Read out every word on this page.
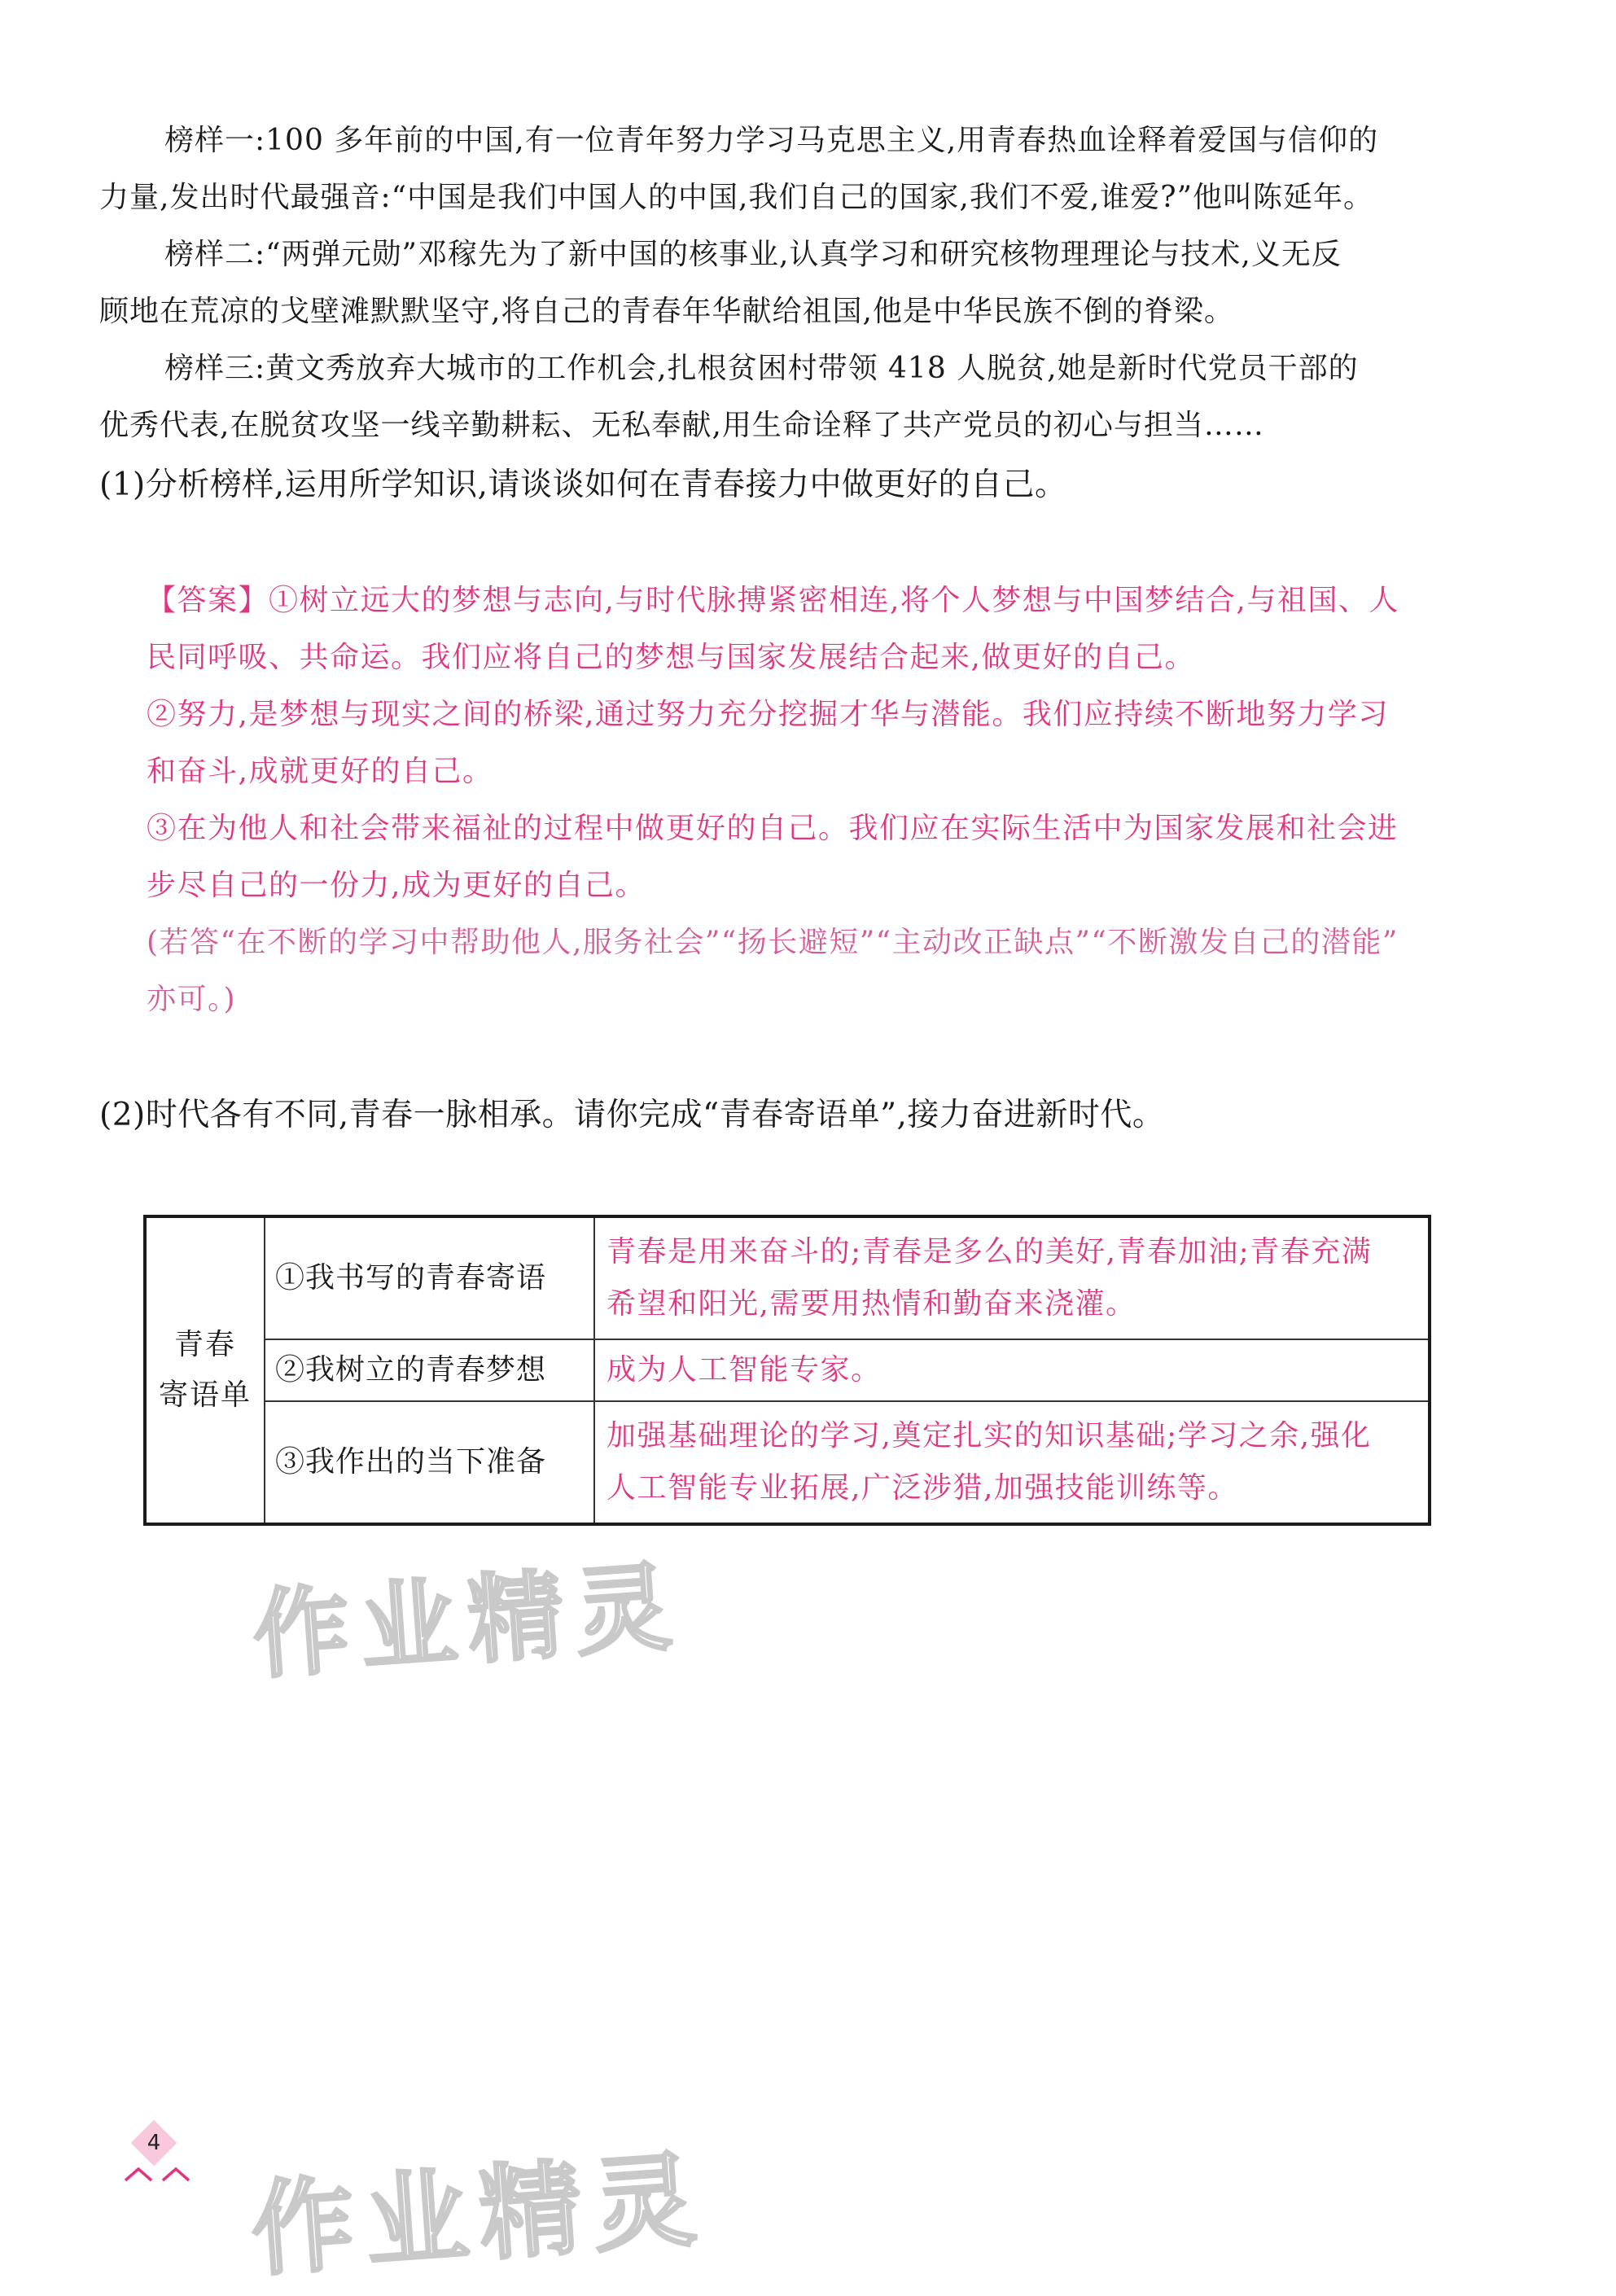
榜样一:100 多年前的中国,有一位青年努力学习马克思主义,用青春热血诠释着爱国与信仰的
力量,发出时代最强音:“中国是我们中国人的中国,我们自己的国家,我们不爱,谁爱?”他叫陈延年。
榜样二:“两弹元勋”邓稼先为了新中国的核事业,认真学习和研究核物理理论与技术,义无反
顾地在荒凉的戈壁滩默默坚守,将自己的青春年华献给祖国,他是中华民族不倒的脊梁。
榜样三:黄文秀放弃大城市的工作机会,扎根贫困村带领 418 人脱贫,她是新时代党员干部的
优秀代表,在脱贫攻坚一线辛勤耕耘、无私奉献,用生命诠释了共产党员的初心与担当……
(1)分析榜样,运用所学知识,请谈谈如何在青春接力中做更好的自己。
【答案】①树立远大的梦想与志向,与时代脉搏紧密相连,将个人梦想与中国梦结合,与祖国、人
民同呼吸、共命运。我们应将自己的梦想与国家发展结合起来,做更好的自己。
②努力,是梦想与现实之间的桥梁,通过努力充分挖掘才华与潜能。我们应持续不断地努力学习
和奋斗,成就更好的自己。
③在为他人和社会带来福祉的过程中做更好的自己。我们应在实际生活中为国家发展和社会进
步尽自己的一份力,成为更好的自己。
(若答“在不断的学习中帮助他人,服务社会”“扬长避短”“主动改正缺点”“不断激发自己的潜能”
亦可。)
(2)时代各有不同,青春一脉相承。请你完成“青春寄语单”,接力奋进新时代。
青春
寄语单	①我书写的青春寄语	青春是用来奋斗的;青春是多么的美好,青春加油;青春充满
希望和阳光,需要用热情和勤奋来浇灌。

	②我树立的青春梦想	成为人工智能专家。

	③我作出的当下准备	加强基础理论的学习,奠定扎实的知识基础;学习之余,强化
人工智能专业拓展,广泛涉猎,加强技能训练等。
作业精灵
作业精灵
4
